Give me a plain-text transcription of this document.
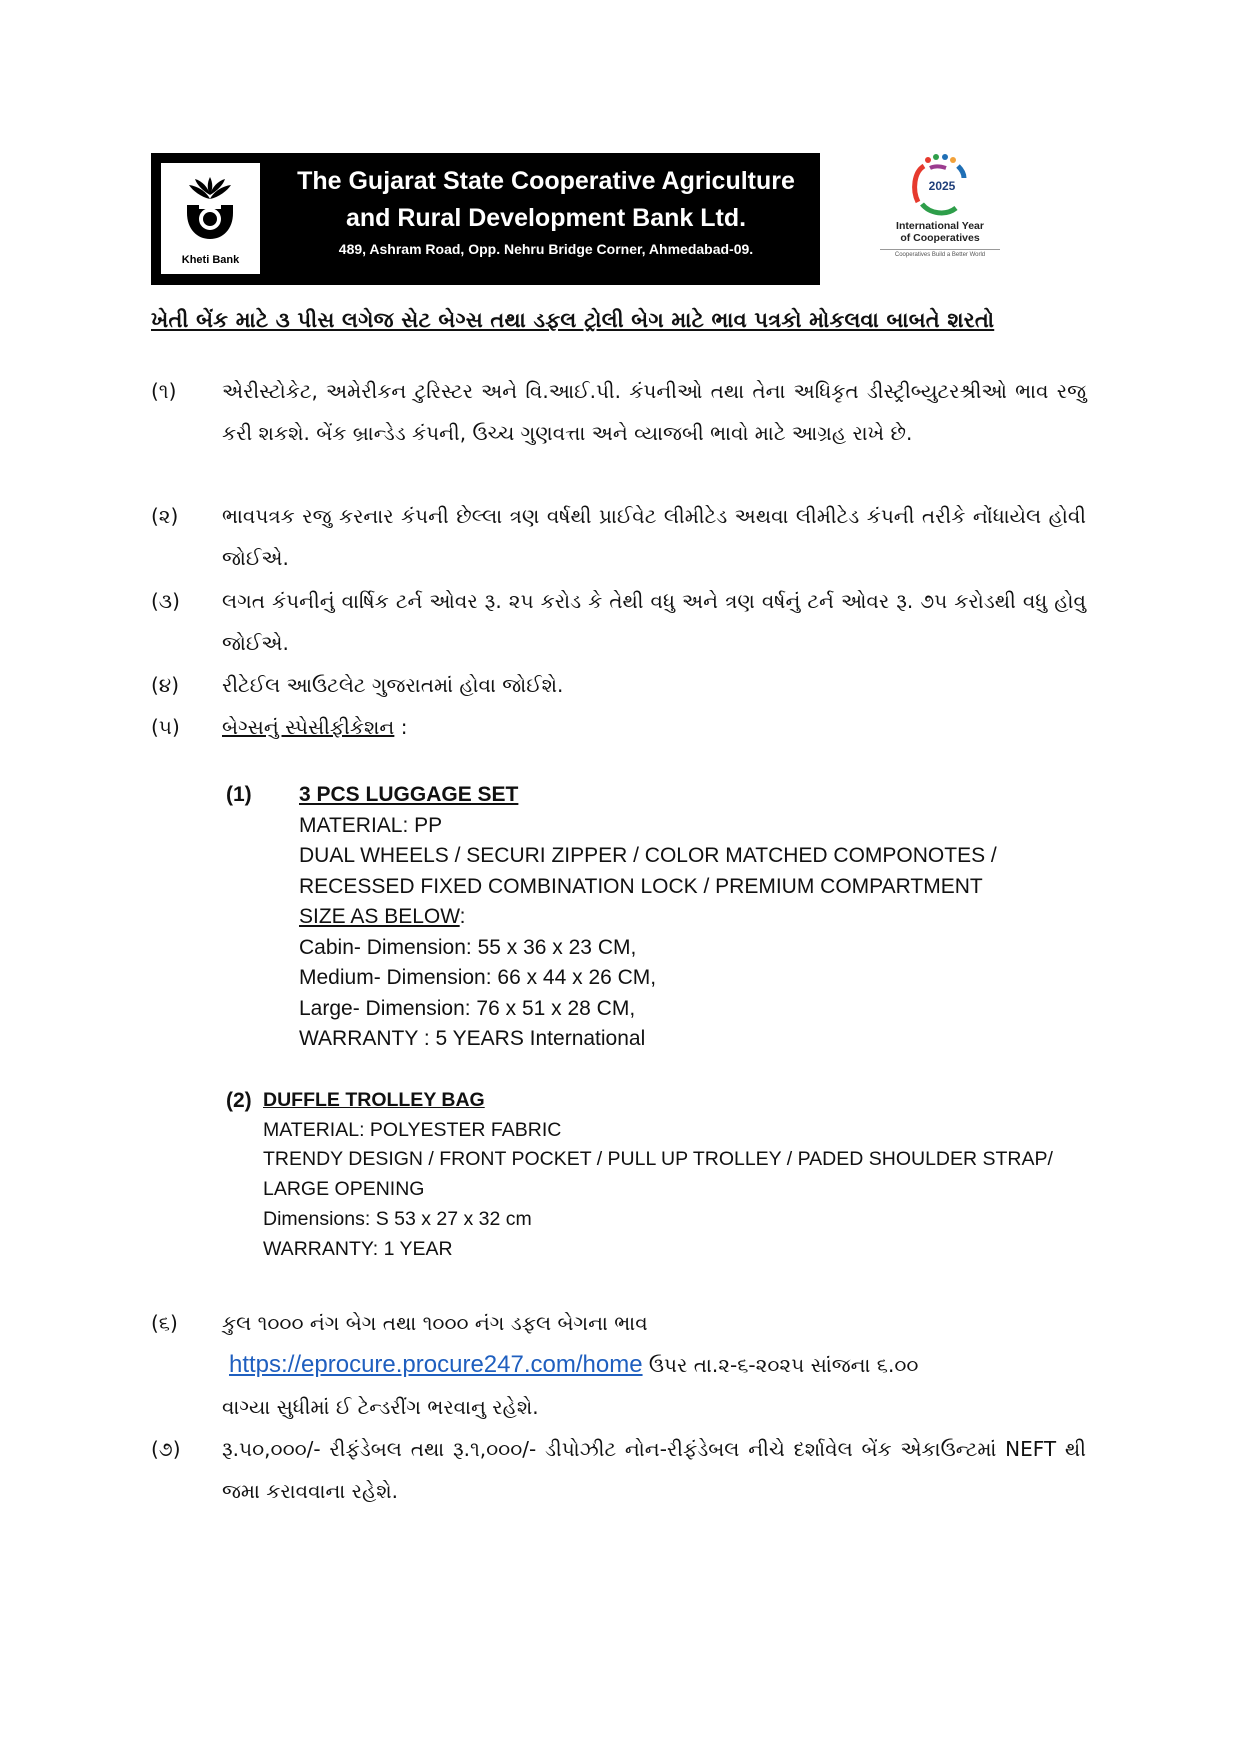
Kheti Bank
The Gujarat State Cooperative Agriculture
and Rural Development Bank Ltd.
489, Ashram Road, Opp. Nehru Bridge Corner, Ahmedabad-09.
2025
International Year
of Cooperatives
Cooperatives Build a Better World
ખેતી બેંક માટે ૩ પીસ લગેજ સેટ બેગ્સ તથા ડફલ ટ્રોલી બેગ માટે ભાવ પત્રકો મોકલવા બાબતે શરતો
(૧)	એરીસ્ટોકેટ, અમેરીકન ટુરિસ્ટર અને વિ.આઈ.પી. કંપનીઓ તથા તેના અધિકૃત ડીસ્ટ્રીબ્યુટરશ્રીઓ ભાવ રજુ કરી શકશે. બેંક બ્રાન્ડેડ કંપની, ઉચ્ચ ગુણવત્તા અને વ્યાજબી ભાવો માટે આગ્રહ રાખે છે.
(૨)	ભાવપત્રક રજુ કરનાર કંપની છેલ્લા ત્રણ વર્ષથી પ્રાઈવેટ લીમીટેડ અથવા લીમીટેડ કંપની તરીકે નોંધાયેલ હોવી જોઈએ.
(૩)	લગત કંપનીનું વાર્ષિક ટર્ન ઓવર રૂ. ૨૫ કરોડ કે તેથી વધુ અને ત્રણ વર્ષનું ટર્ન ઓવર રૂ. ૭૫ કરોડથી વધુ હોવુ જોઈએ.
(૪)	રીટેઈલ આઉટલેટ ગુજરાતમાં હોવા જોઈશે.
(૫)	બેગ્સનું સ્પેસીફીકેશન :
(1) 3 PCS LUGGAGE SET
MATERIAL: PP
DUAL WHEELS / SECURI ZIPPER / COLOR MATCHED COMPONOTES / RECESSED FIXED COMBINATION LOCK / PREMIUM COMPARTMENT
SIZE AS BELOW:
Cabin- Dimension: 55 x 36 x 23 CM,
Medium- Dimension: 66 x 44 x 26 CM,
Large- Dimension: 76 x 51 x 28 CM,
WARRANTY : 5 YEARS International
(2) DUFFLE TROLLEY BAG
MATERIAL: POLYESTER FABRIC
TRENDY DESIGN / FRONT POCKET / PULL UP TROLLEY / PADED SHOULDER STRAP/ LARGE OPENING
Dimensions: S 53 x 27 x 32 cm
WARRANTY: 1 YEAR
(૬)	કુલ ૧૦૦૦ નંગ બેગ તથા ૧૦૦૦ નંગ ડફલ બેગના ભાવ
https://eprocure.procure247.com/home ઉપર તા.૨-૬-૨૦૨૫ સાંજના ૬.૦૦
વાગ્યા સુધીમાં ઈ ટેન્ડરીંગ ભરવાનુ રહેશે.
(૭)	રૂ.૫૦,૦૦૦/- રીફંડેબલ તથા રૂ.૧,૦૦૦/- ડીપોઝીટ નોન-રીફંડેબલ નીચે દર્શાવેલ બેંક એકાઉન્ટમાં NEFT થી જમા કરાવવાના રહેશે.
